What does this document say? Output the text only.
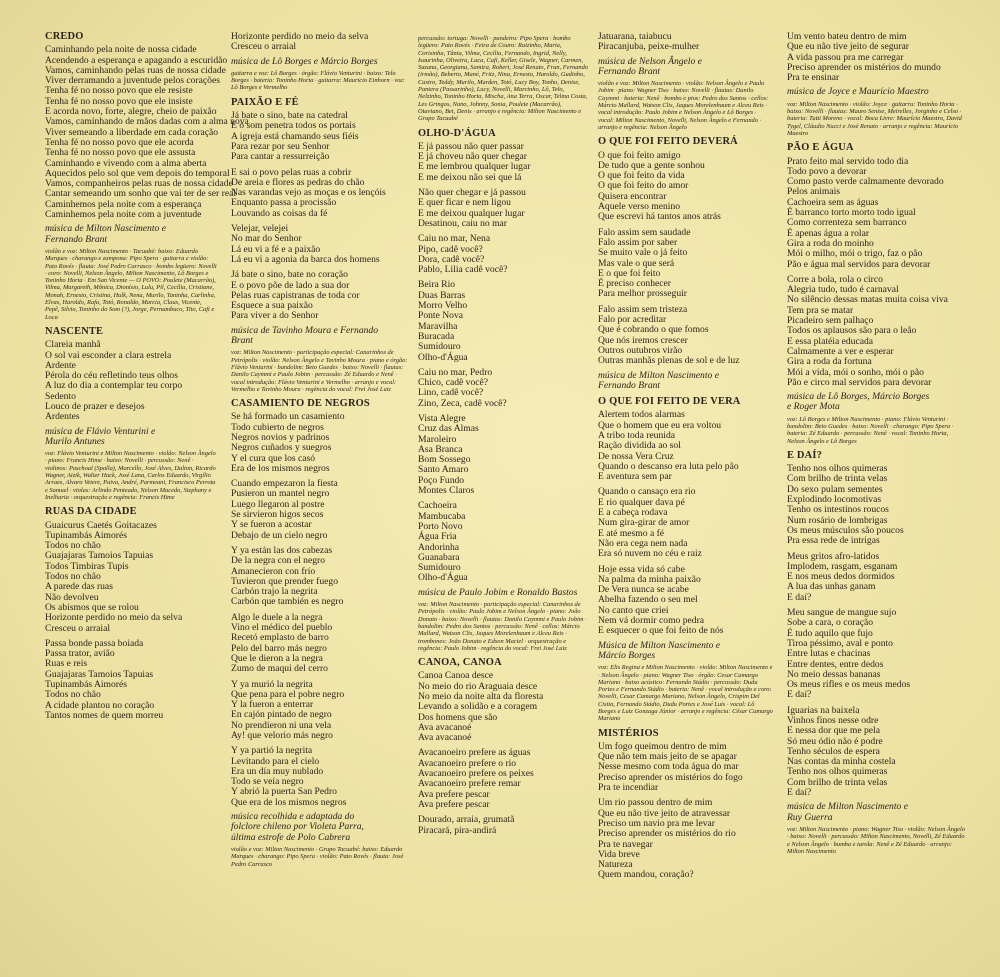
CREDO
Caminhando pela noite de nossa cidade
Acendendo a esperança e apagando a escuridão
Vamos, caminhando pelas ruas de nossa cidade
Viver derramando a juventude pelos corações
Tenha fé no nosso povo que ele resiste
Tenha fé no nosso povo que ele insiste
E acorda novo, forte, alegre, cheio de paixão
Vamos, caminhando de mãos dadas com a alma nova
Viver semeando a liberdade em cada coração
Tenha fé no nosso povo que ele acorda
Tenha fé no nosso povo que ele assusta
Caminhando e vivendo com a alma aberta
Aquecidos pelo sol que vem depois do temporal
Vamos, companheiros pelas ruas de nossa cidade
Cantar semeando um sonho que vai ter de ser real
Caminhemos pela noite com a esperança
Caminhemos pela noite com a juventude
música de Milton Nascimento e
Fernando Brant
violão e voz: Milton Nascimento · Tacuabé: baixo: Eduardo Marques · charango e zampona: Pipo Spera · guitarra e violão: Pato Rovés · flauta: José Pedro Carrasco · bombo legüero: Novelli · coro: Novelli, Nelson Ângelo, Milton Nascimento, Lô Borges e Toninho Horta · Em San Vicente — O POVO: Poulete (Macarrão), Vilma, Margareth, Mônica, Dionísio, Lulu, Pil, Cecília, Cristiane, Monah, Ernesto, Cristina, Hulk, Nena, Murilo, Taninha, Carlinha, Elvas, Haroldo, Rafa, Totó, Ronaldo, Marcia, Claus, Vicente, Pepê, Silvio, Toninho do Som (?), Jorge, Pernambuco, Tito, Cafi e Loca
NASCENTE
Clareia manhã
O sol vai esconder a clara estrela
Ardente
Pérola do céu refletindo teus olhos
A luz do dia a contemplar teu corpo
Sedento
Louco de prazer e desejos
Ardentes
música de Flávio Venturini e
Murilo Antunes
voz: Flávio Venturini e Milton Nascimento · violão: Nelson Ângelo · piano: Francis Hime · baixo: Novelli · percussão: Nenê · violinos: Paschoal (Spalla), Marcello, José Alves, Dalton, Ricardo Wagner, Aizik, Walter Hack, José Lana, Carlos Eduardo, Virgílio Arraes, Alvaro Vetere, Paiva, André, Parmeani, Francisco Perrota e Samuel · violas: Arlindo Penteado, Nelson Macedo, Stephany e Inelharia · orquestração e regência: Francis Hime
RUAS DA CIDADE
Guaicurus Caetés Goitacazes
Tupinambás Aimorés
Todos no chão
Guajajaras Tamoios Tapuias
Todos Timbiras Tupis
Todos no chão
A parede das ruas
Não devolveu
Os abismos que se rolou
Horizonte perdido no meio da selva
Cresceu o arraial
Passa bonde passa boiada
Passa trator, avião
Ruas e reis
Guajajaras Tamoios Tapuias
Tupinambás Aimorés
Todos no chão
A cidade plantou no coração
Tantos nomes de quem morreu
Horizonte perdido no meio da selva
Cresceu o arraial
música de Lô Borges e Márcio Borges
guitarra e voz: Lô Borges · órgão: Flávio Venturini · baixo: Telo Borges · bateria: Toninho Horta · guitarra: Mauricio Einhorn · voz: Lô Borges e Vermelho
PAIXÃO E FÉ
Já bate o sino, bate na catedral
E o som penetra todos os portais
A igreja está chamando seus fiéis
Para rezar por seu Senhor
Para cantar a ressurreição
E sai o povo pelas ruas a cobrir
De areia e flores as pedras do chão
Nas varandas vejo as moças e os lençóis
Enquanto passa a procissão
Louvando as coisas da fé
Velejar, velejei
No mar do Senhor
Lá eu vi a fé e a paixão
Lá eu vi a agonia da barca dos homens
Já bate o sino, bate no coração
E o povo põe de lado a sua dor
Pelas ruas capistranas de toda cor
Esquece a sua paixão
Para viver a do Senhor
música de Tavinho Moura e Fernando
Brant
voz: Milton Nascimento · participação especial: Canarinhos de Petrópolis · violão: Nelson Ângelo e Tavinho Moura · piano e órgão: Flávio Venturini · bandolim: Beto Guedes · baixo: Novelli · flautas: Danilo Caymmi e Paulo Jobim · percussão: Zé Eduardo e Nenê · vocal introdução: Flávio Venturini e Vermelho · arranjo e vocal: Vermelho e Tavinho Moura · regência do vocal: Frei José Luiz
CASAMIENTO DE NEGROS
Se há formado un casamiento
Todo cubierto de negros
Negros novios y padrinos
Negros cuñados y suegros
Y el cura que los casó
Era de los mismos negros
Cuando empezaron la fiesta
Pusieron un mantel negro
Luego llegaron al postre
Se sirvieron higos secos
Y se fueron a acostar
Debajo de un cielo negro
Y ya están las dos cabezas
De la negra con el negro
Amanecieron con frío
Tuvieron que prender fuego
Carbón trajo la negrita
Carbón que también es negro
Algo le duele a la negra
Vino el médico del pueblo
Recetó emplasto de barro
Pelo del barro más negro
Que le dieron a la negra
Zumo de maqui del cerro
Y ya murió la negrita
Que pena para el pobre negro
Y la fueron a enterrar
En cajón pintado de negro
No prendieron ni una vela
Ay! que velorio más negro
Y ya partió la negrita
Levitando para el cielo
Era un día muy nublado
Todo se veía negro
Y abrió la puerta San Pedro
Que era de los mismos negros
música recolhida e adaptada do
folclore chileno por Violeta Parra,
última estrofe de Polo Cabrera
violão e voz: Milton Nascimento · Grupo Tacuabé: baixo: Eduardo Marques · charango: Pipo Spera · violão: Pato Rovés · flauta: José Pedro Carrasco
percussão: tortuga: Novelli · pandeiro: Pipo Spera · bombo legüero: Pato Rovés · Feira de Couro: Ruizinho, Maria, Corisinha, Tânia, Vilma, Cecília, Fernando, Ingrid, Nelly, Isaurinha, Oliveira, Luca, Cafi, Keller, Gisele, Wagner, Carmen, Suzana, Georgiana, Samira, Robert, José Renato, Fran, Fernando (irmão), Beberto, Mané, Fritz, Nina, Ernesto, Haroldo, Gudinho, Castro, Teddy, Murilo, Marden, Totó, Lucy Boy, Tonho, Denise, Pantera (Passarinho), Lucy, Novelli, Marcinho, Lô, Telo, Nelzinho, Toninho Horta, Mischa, Ana Terra, Oscar, Telma Costa, Les Gringos, Nano, Johnny, Sonia, Poulete (Macarrão), Otaviano, Bet, Denis · arranjo e regência: Milton Nascimento e Grupo Tacuabé
OLHO-D'ÁGUA
E já passou não quer passar
E já choveu não quer chegar
E me lembrou qualquer lugar
E me deixou não sei que lá
Não quer chegar e já passou
E quer ficar e nem ligou
E me deixou qualquer lugar
Desatinou, caiu no mar
Caiu no mar, Nena
Pipo, cadê você?
Dora, cadê você?
Pablo, Lilia cadê você?
Beira Rio
Duas Barras
Morro Velho
Ponte Nova
Maravilha
Buracada
Sumidouro
Olho-d'Água
Caiu no mar, Pedro
Chico, cadê você?
Lino, cadê você?
Zino, Zeca, cadê você?
Vista Alegre
Cruz das Almas
Maroleiro
Asa Branca
Bom Sossego
Santo Amaro
Poço Fundo
Montes Claros
Cachoeira
Mambucaba
Porto Novo
Água Fria
Andorinha
Guanabara
Sumidouro
Olho-d'Água
música de Paulo Jobim e Ronaldo Bastos
voz: Milton Nascimento · participação especial: Canarinhos de Petrópolis · violão: Paulo Jobim e Nelson Ângelo · piano: João Donato · baixo: Novelli · flautas: Danilo Caymmi e Paulo Jobim · bandolim: Pedro dos Santos · percussão: Nenê · cellos: Márcio Mallard, Watson Clis, Jaques Morelenbaum e Alceu Reis · trombones: João Donato e Edson Maciel · orquestração e regência: Paulo Jobim · regência do vocal: Frei José Luiz
CANOA, CANOA
Canoa Canoa desce
No meio do rio Araguaia desce
No meio da noite alta da floresta
Levando a solidão e a coragem
Dos homens que são
Ava avacanoé
Ava avacanoé
Avacanoeiro prefere as águas
Avacanoeiro prefere o rio
Avacanoeiro prefere os peixes
Avacanoeiro prefere remar
Ava prefere pescar
Ava prefere pescar
Dourado, arraia, grumatã
Piracará, pira-andirá
Jatuarana, taiabucu
Piracanjuba, peixe-mulher
música de Nelson Ângelo e
Fernando Brant
violão e voz: Milton Nascimento · violão: Nelson Ângelo e Paulo Jobim · piano: Wagner Tiso · baixo: Novelli · flautas: Danilo Caymmi · bateria: Nenê · bombo e pios: Pedro dos Santos · cellos: Márcio Mallard, Watson Clis, Jaques Morelenbaum e Alceu Reis · vocal introdução: Paulo Jobim e Nelson Ângelo e Lô Borges · vocal: Milton Nascimento, Novelli, Nelson Ângelo e Fernando · arranjo e regência: Nelson Ângelo
O QUE FOI FEITO DEVERÁ
O que foi feito amigo
De tudo que a gente sonhou
O que foi feito da vida
O que foi feito do amor
Quisera encontrar
Aquele verso menino
Que escrevi há tantos anos atrás
Falo assim sem saudade
Falo assim por saber
Se muito vale o já feito
Mas vale o que será
E o que foi feito
É preciso conhecer
Para melhor prosseguir
Falo assim sem tristeza
Falo por acreditar
Que é cobrando o que fomos
Que nós iremos crescer
Outros outubros virão
Outras manhãs plenas de sol e de luz
música de Milton Nascimento e
Fernando Brant
O QUE FOI FEITO DE VERA
Alertem todos alarmas
Que o homem que eu era voltou
A tribo toda reunida
Ração dividida ao sol
De nossa Vera Cruz
Quando o descanso era luta pelo pão
E aventura sem par
Quando o cansaço era rio
E rio qualquer dava pé
E a cabeça rodava
Num gira-girar de amor
E até mesmo a fé
Não era cega nem nada
Era só nuvem no céu e raiz
Hoje essa vida só cabe
Na palma da minha paixão
De Vera nunca se acabe
Abelha fazendo o seu mel
No canto que criei
Nem vá dormir como pedra
E esquecer o que foi feito de nós
Música de Milton Nascimento e
Márcio Borges
voz: Elis Regina e Milton Nascimento · violão: Milton Nascimento e · Nelson Ângelo · piano: Wagner Tiso · órgão: Cesar Camargo Mariano · baixo acústico: Fernando Stádio · percussão: Dudu Portes e Fernando Stádio · bateria: Nenê · vocal introdução e coro: Novelli, Cesar Camargo Mariano, Nelson Ângelo, Crispim Del Cistia, Fernando Stádio, Dudu Portes e José Luis · vocal: Lô Borges e Luiz Gonzaga Júnior · arranjo e regência: César Camargo Mariano
MISTÉRIOS
Um fogo queimou dentro de mim
Que não tem mais jeito de se apagar
Nesse mesmo com toda água do mar
Preciso aprender os mistérios do fogo
Pra te incendiar
Um rio passou dentro de mim
Que eu não tive jeito de atravessar
Preciso um navio pra me levar
Preciso aprender os mistérios do rio
Pra te navegar
Vida breve
Natureza
Quem mandou, coração?
Um vento bateu dentro de mim
Que eu não tive jeito de segurar
A vida passou pra me carregar
Preciso aprender os mistérios do mundo
Pra te ensinar
música de Joyce e Maurício Maestro
voz: Milton Nascimento · violão: Joyce · guitarra: Toninho Horta · baixo: Novelli · flautas: Mauro Senise, Meirelles, Jorginho e Celso · bateria: Tutti Moreno · vocal: Boca Livre: Maurício Maestro, David Tygel, Cláudio Nucci e José Renato · arranjo e regência: Maurício Maestro
PÃO E ÁGUA
Prato feito mal servido todo dia
Todo povo a devorar
Como pasto verde calmamente devorado
Pelos animais
Cachoeira sem as águas
É barranco torto morto todo igual
Como correnteza sem barranco
É apenas água a rolar
Gira a roda do moinho
Mói o milho, mói o trigo, faz o pão
Pão e água mal servidos para devorar
Corre a bola, rola o circo
Alegria tudo, tudo é carnaval
No silêncio dessas matas muita coisa viva
Tem pra se matar
Picadeiro sem palhaço
Todos os aplausos são para o leão
E essa platéia educada
Calmamente a ver e esperar
Gira a roda da fortuna
Mói a vida, mói o sonho, mói o pão
Pão e circo mal servidos para devorar
música de Lô Borges, Márcio Borges
e Roger Mota
voz: Lô Borges e Milton Nascimento · piano: Flávio Venturini · bandolim: Beto Guedes · baixo: Novelli · charango: Pipo Spera · bateria: Zé Eduardo · percussão: Nenê · vocal: Toninho Horta, Nelson Ângelo e Lô Borges
E DAÍ?
Tenho nos olhos quimeras
Com brilho de trinta velas
Do sexo pulam sementes
Explodindo locomotivas
Tenho os intestinos roucos
Num rosário de lombrigas
Os meus músculos são poucos
Pra essa rede de intrigas
Meus gritos afro-latidos
Implodem, rasgam, esganam
E nos meus dedos dormidos
A lua das unhas ganam
E daí?
Meu sangue de mangue sujo
Sobe a cara, o coração
É tudo aquilo que fujo
Tiroa péssimo, aval e ponto
Entre lutas e chacinas
Entre dentes, entre dedos
No meio dessas bananas
Os meus rifles e os meus medos
E daí?
Iguarias na baixela
Vinhos finos nesse odre
E nessa dor que me pela
Só meu ódio não é podre
Tenho séculos de espera
Nas contas da minha costela
Tenho nos olhos quimeras
Com brilho de trinta velas
E daí?
música de Milton Nascimento e
Ruy Guerra
voz: Milton Nascimento · piano: Wagner Tiso · violão: Nelson Ângelo · baixo: Novelli · percussão: Milton Nascimento, Novelli, Zé Eduardo e Nelson Ângelo · bumba e tarola: Nenê e Zé Eduardo · arranjo: Milton Nascimento
